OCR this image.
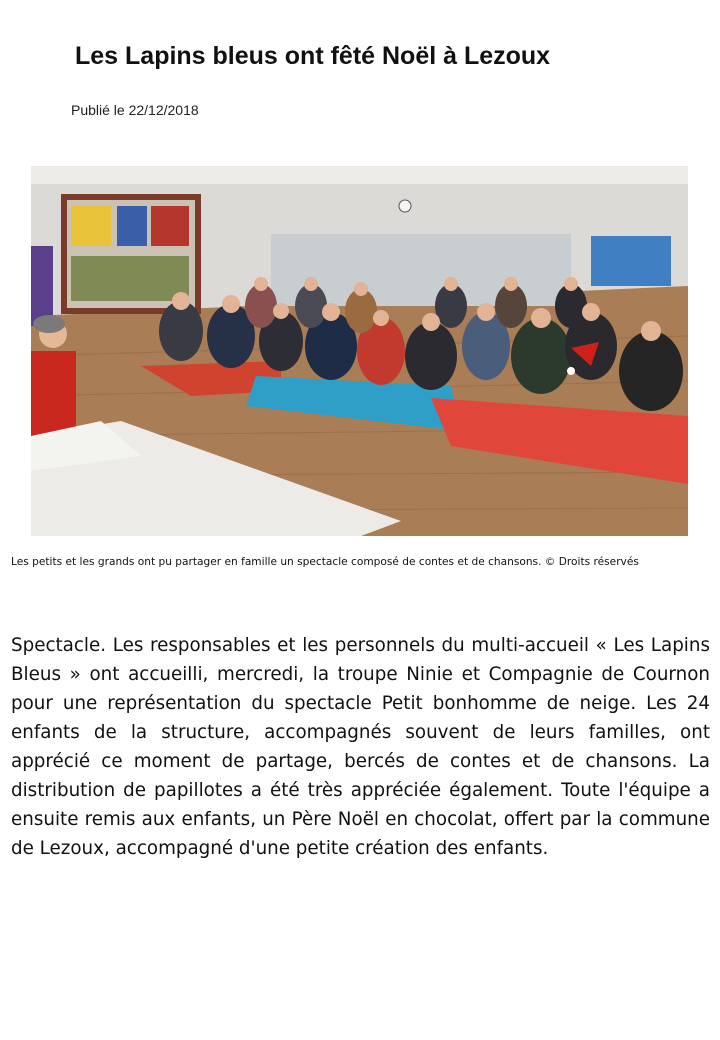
Les Lapins bleus ont fêté Noël à Lezoux
Publié le 22/12/2018
Les petits et les grands ont pu partager en famille un spectacle composé de contes et de chansons. © Droits réservés
Spectacle. Les responsables et les personnels du multi-accueil « Les Lapins Bleus » ont accueilli, mercredi, la troupe Ninie et Compagnie de Cournon pour une représentation du spectacle Petit bonhomme de neige. Les 24 enfants de la structure, accompagnés souvent de leurs familles, ont apprécié ce moment de partage, bercés de contes et de chansons. La distribution de papillotes a été très appréciée également. Toute l'équipe a ensuite remis aux enfants, un Père Noël en chocolat, offert par la commune de Lezoux, accompagné d'une petite création des enfants.
